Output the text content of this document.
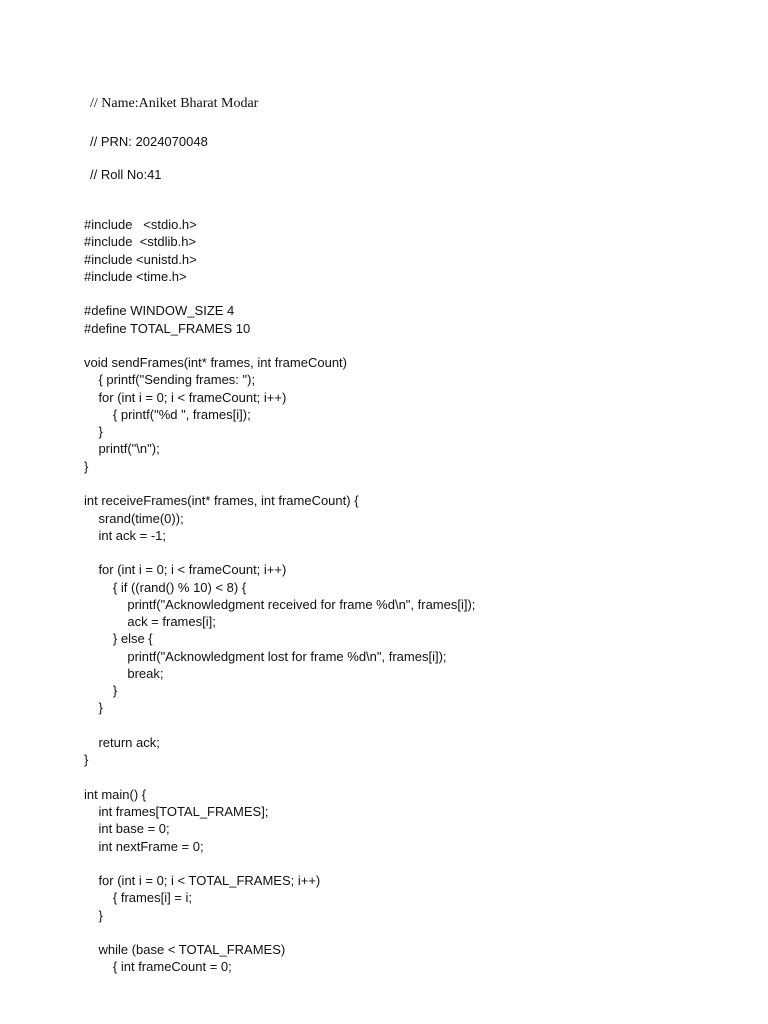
// Name:Aniket Bharat Modar
// PRN: 2024070048
// Roll No:41
#include   <stdio.h>
#include  <stdlib.h>
#include <unistd.h>
#include <time.h>
#define WINDOW_SIZE 4
#define TOTAL_FRAMES 10
void sendFrames(int* frames, int frameCount)
{ printf("Sending frames: ");
for (int i = 0; i < frameCount; i++)
{ printf("%d ", frames[i]);
}
printf("\n");
}
int receiveFrames(int* frames, int frameCount) {
srand(time(0));
int ack = -1;
for (int i = 0; i < frameCount; i++)
{ if ((rand() % 10) < 8) {
printf("Acknowledgment received for frame %d\n", frames[i]);
ack = frames[i];
} else {
printf("Acknowledgment lost for frame %d\n", frames[i]);
break;
}
}
return ack;
}
int main() {
int frames[TOTAL_FRAMES];
int base = 0;
int nextFrame = 0;
for (int i = 0; i < TOTAL_FRAMES; i++)
{ frames[i] = i;
}
while (base < TOTAL_FRAMES)
{ int frameCount = 0;
